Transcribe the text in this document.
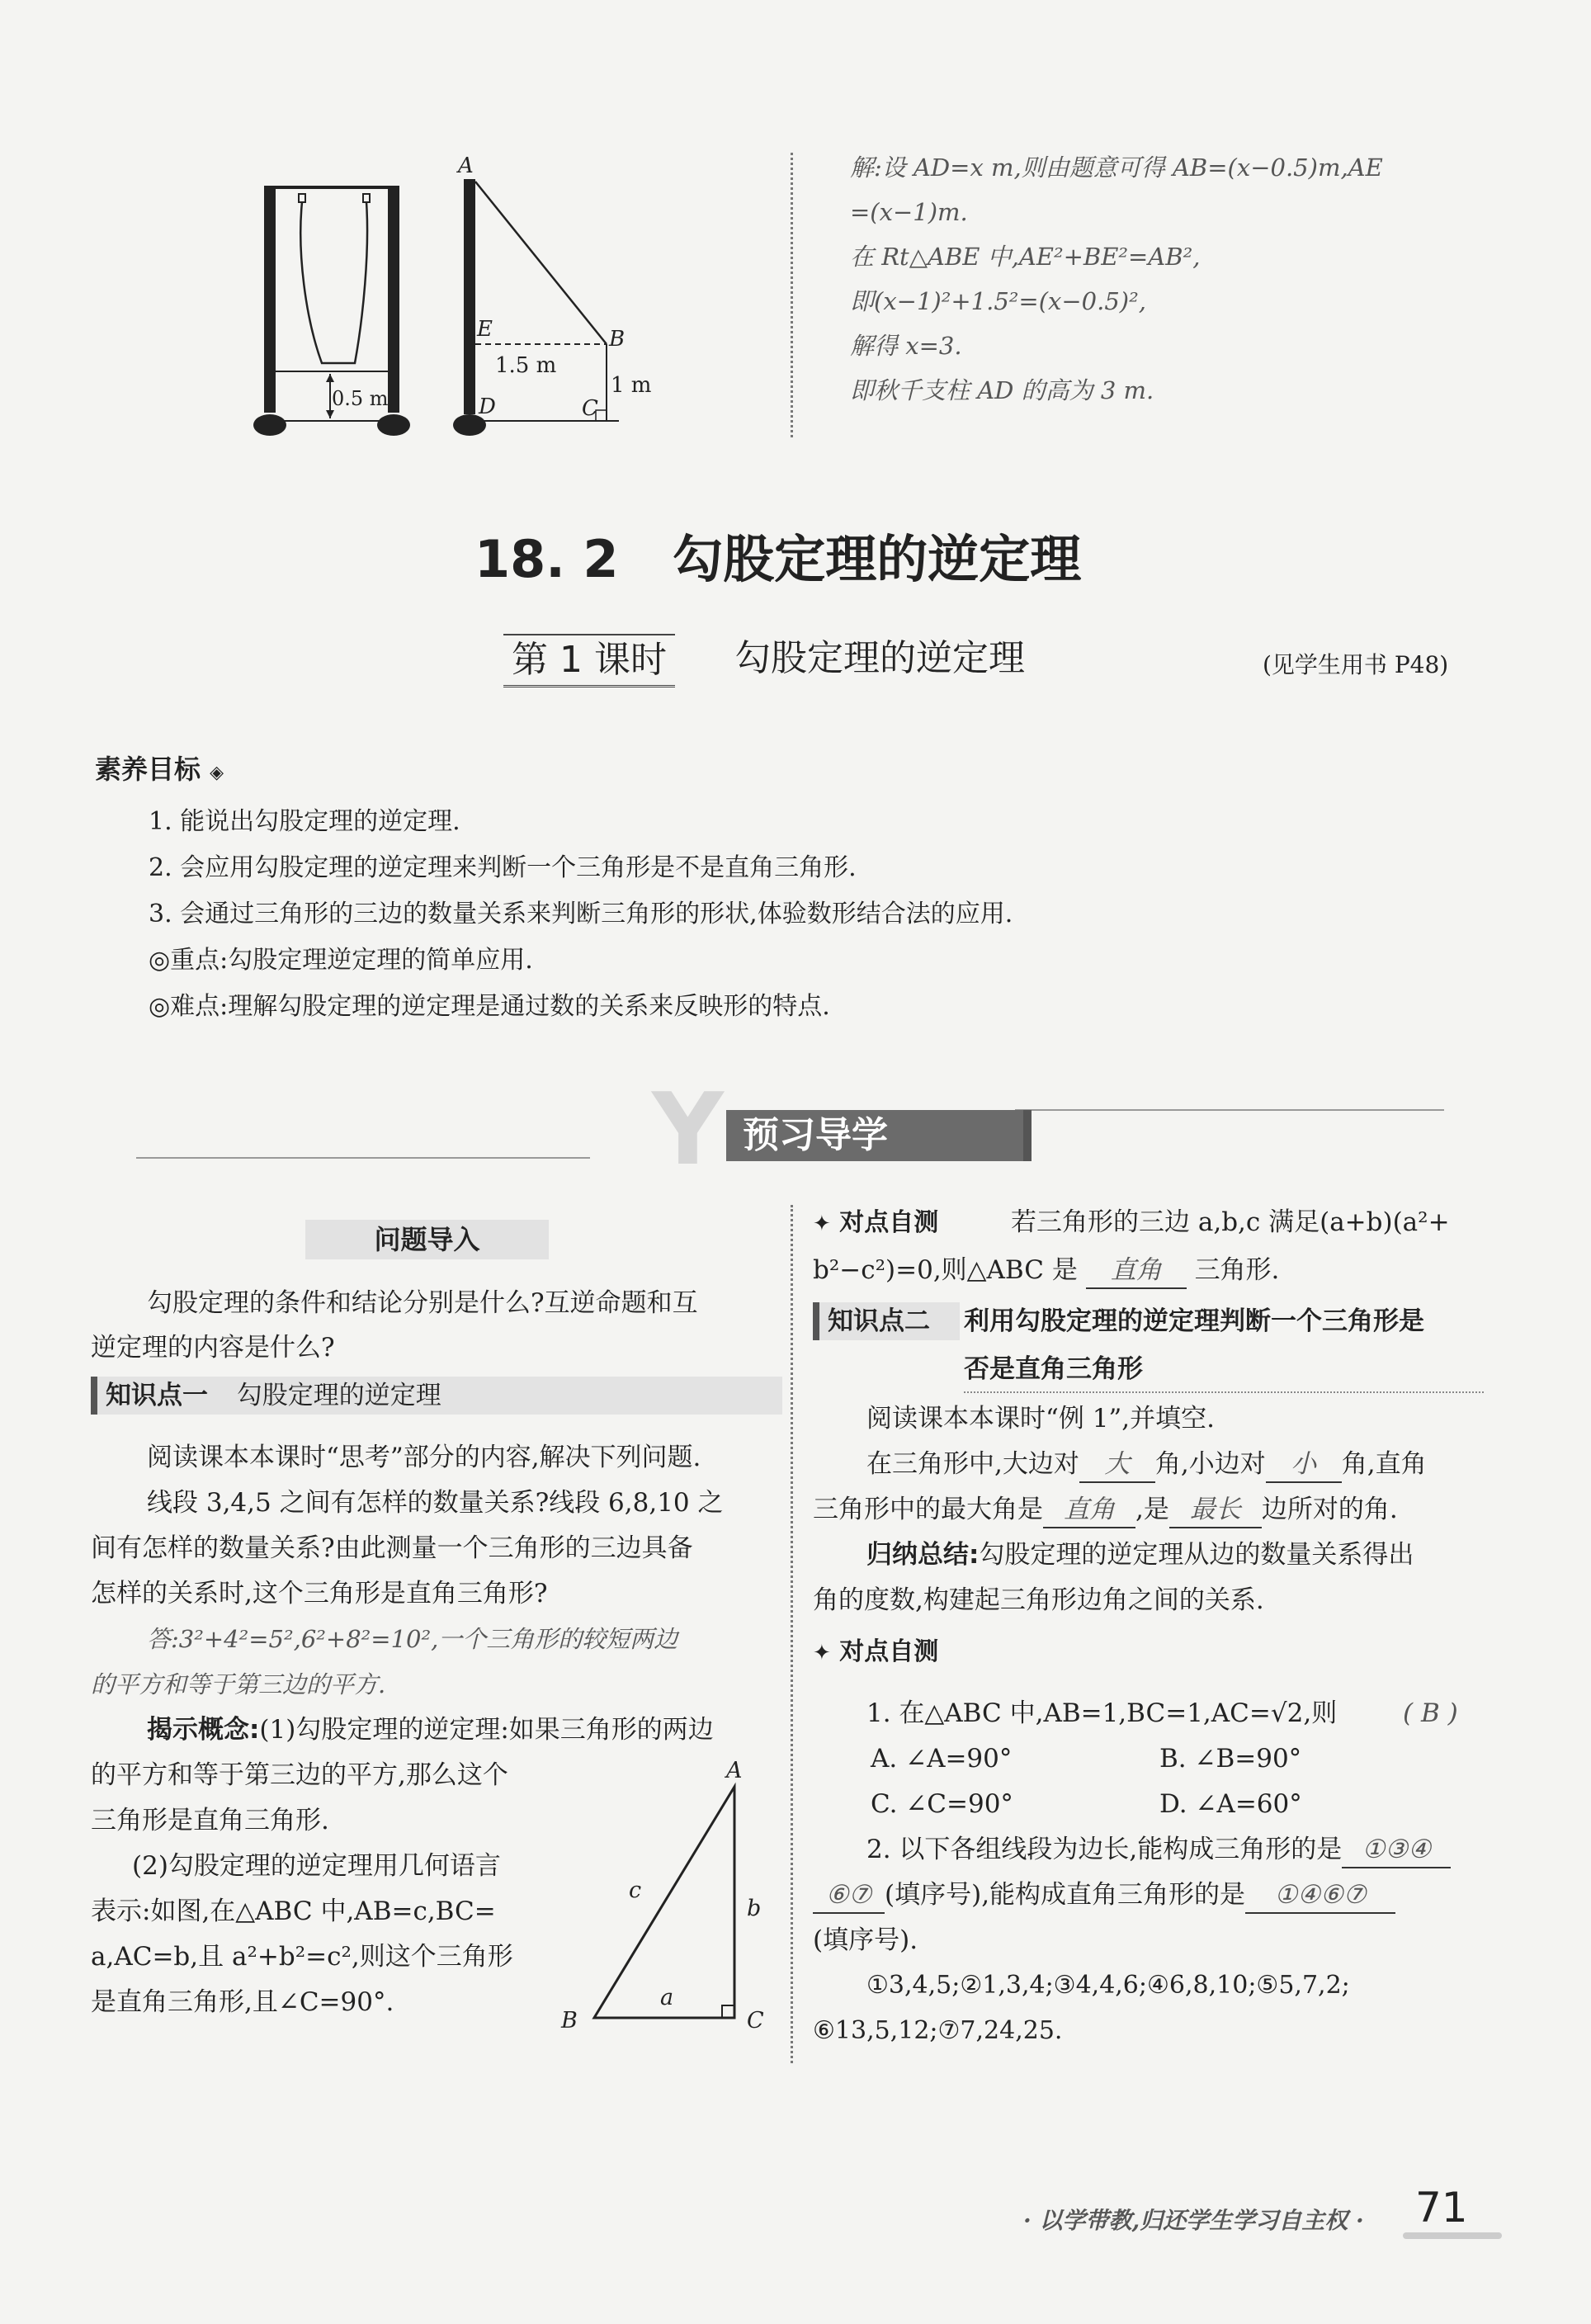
A
E	B
D	C
1.5 m
1 m
0.5 m
解:设 AD=x m,则由题意可得 AB=(x−0.5)m,AE
=(x−1)m.
在 Rt△ABE 中,AE²+BE²=AB²,
即(x−1)²+1.5²=(x−0.5)²,
解得 x=3.
即秋千支柱 AD 的高为 3 m.
18. 2   勾股定理的逆定理
第 1 课时 勾股定理的逆定理	(见学生用书 P48)
素养目标 ◈
1. 能说出勾股定理的逆定理.
2. 会应用勾股定理的逆定理来判断一个三角形是不是直角三角形.
3. 会通过三角形的三边的数量关系来判断三角形的形状,体验数形结合法的应用.
◎重点:勾股定理逆定理的简单应用.
◎难点:理解勾股定理的逆定理是通过数的关系来反映形的特点.
Y 预习导学
问题导入
勾股定理的条件和结论分别是什么?互逆命题和互
逆定理的内容是什么?
知识点一 勾股定理的逆定理
阅读课本本课时“思考”部分的内容,解决下列问题.
线段 3,4,5 之间有怎样的数量关系?线段 6,8,10 之
间有怎样的数量关系?由此测量一个三角形的三边具备
怎样的关系时,这个三角形是直角三角形?
答:3²+4²=5²,6²+8²=10²,一个三角形的较短两边
的平方和等于第三边的平方.
揭示概念:(1)勾股定理的逆定理:如果三角形的两边
的平方和等于第三边的平方,那么这个
三角形是直角三角形.
(2)勾股定理的逆定理用几何语言
表示:如图,在△ABC 中,AB=c,BC=
a,AC=b,且 a²+b²=c²,则这个三角形
是直角三角形,且∠C=90°.
A
B	C
a
b
c
✦ 对点自测	若三角形的三边 a,b,c 满足(a+b)(a²+
b²−c²)=0,则△ABC 是 直角 三角形.
知识点二	利用勾股定理的逆定理判断一个三角形是
否是直角三角形
阅读课本本课时“例 1”,并填空.
在三角形中,大边对 大 角,小边对 小 角,直角
三角形中的最大角是 直角 ,是 最长 边所对的角.
归纳总结:勾股定理的逆定理从边的数量关系得出
角的度数,构建起三角形边角之间的关系.
✦ 对点自测
1. 在△ABC 中,AB=1,BC=1,AC=√2,则	( B )
A. ∠A=90°	B. ∠B=90°
C. ∠C=90°	D. ∠A=60°
2. 以下各组线段为边长,能构成三角形的是 ①③④
⑥⑦ (填序号),能构成直角三角形的是 ①④⑥⑦
(填序号).
①3,4,5;②1,3,4;③4,4,6;④6,8,10;⑤5,7,2;
⑥13,5,12;⑦7,24,25.
· 以学带教,归还学生学习自主权 · 71
